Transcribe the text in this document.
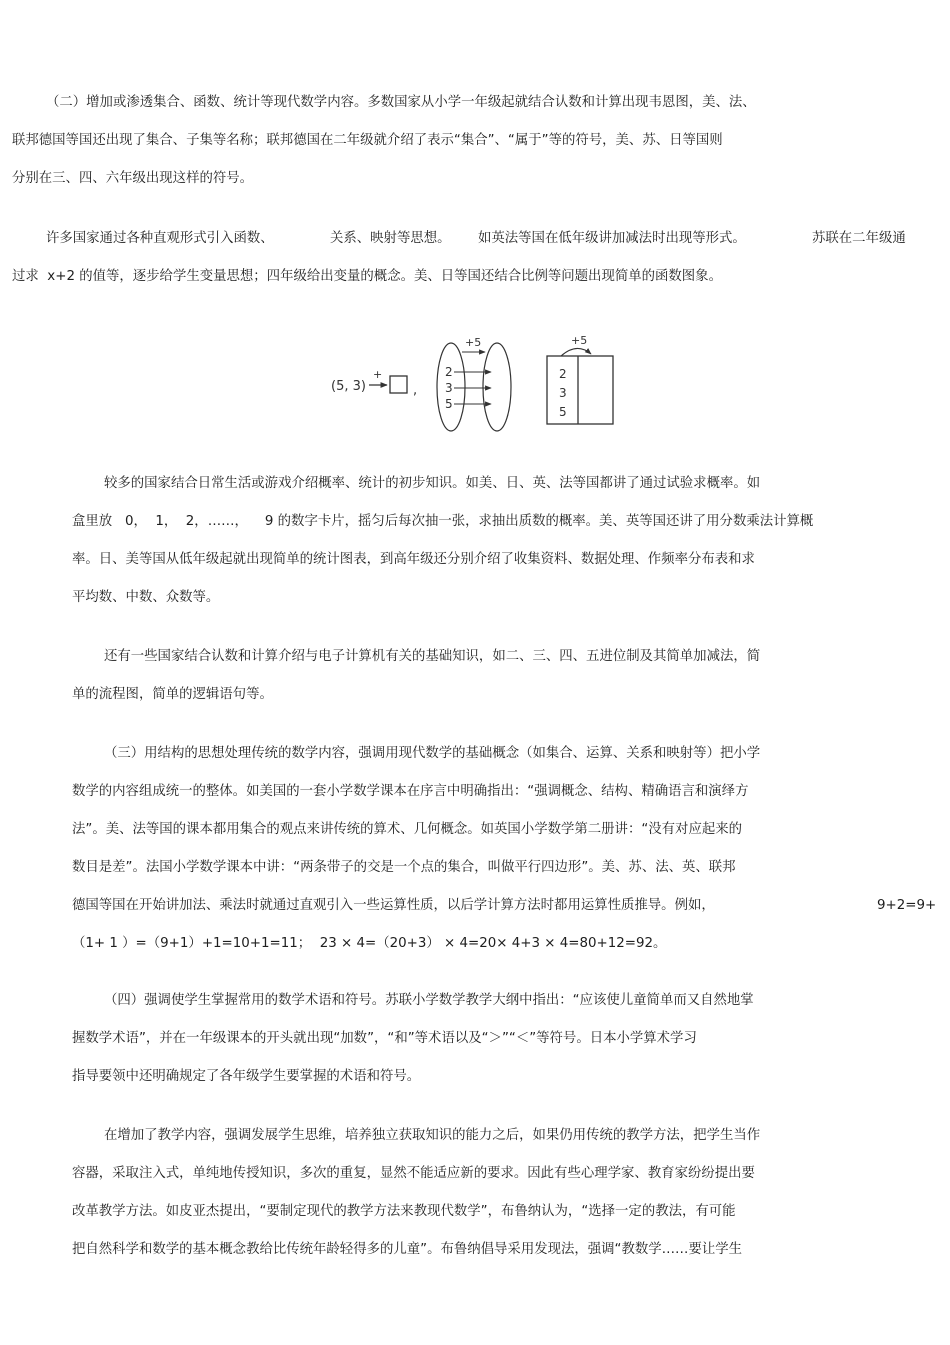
（二）增加或渗透集合、函数、统计等现代数学内容。多数国家从小学一年级起就结合认数和计算出现韦恩图，美、法、
联邦德国等国还出现了集合、子集等名称；联邦德国在二年级就介绍了表示“集合”、“属于”等的符号，美、苏、日等国则
分别在三、四、六年级出现这样的符号。
许多国家通过各种直观形式引入函数、	关系、映射等思想。 如英法等国在低年级讲加减法时出现等形式。	苏联在二年级通
过求  x+2 的值等，逐步给学生变量思想；四年级给出变量的概念。美、日等国还结合比例等问题出现简单的函数图象。
(5, 3)
+
,
+5
2
3
5
+5
2
3
5
较多的国家结合日常生活或游戏介绍概率、统计的初步知识。如美、日、英、法等国都讲了通过试验求概率。如
盒里放   0，  1，  2，……，    9 的数字卡片，摇匀后每次抽一张，求抽出质数的概率。美、英等国还讲了用分数乘法计算概
率。日、美等国从低年级起就出现简单的统计图表，到高年级还分别介绍了收集资料、数据处理、作频率分布表和求
平均数、中数、众数等。
还有一些国家结合认数和计算介绍与电子计算机有关的基础知识，如二、三、四、五进位制及其简单加减法，简
单的流程图，简单的逻辑语句等。
（三）用结构的思想处理传统的数学内容，强调用现代数学的基础概念（如集合、运算、关系和映射等）把小学
数学的内容组成统一的整体。如美国的一套小学数学课本在序言中明确指出：“强调概念、结构、精确语言和演绎方
法”。美、法等国的课本都用集合的观点来讲传统的算术、几何概念。如英国小学数学第二册讲：“没有对应起来的
数目是差”。法国小学数学课本中讲：“两条带子的交是一个点的集合，叫做平行四边形”。美、苏、法、英、联邦
德国等国在开始讲加法、乘法时就通过直观引入一些运算性质，以后学计算方法时都用运算性质推导。例如，	9+2=9+
（1+ 1 ）=（9+1）+1=10+1=11；  23 × 4=（20+3） × 4=20× 4+3 × 4=80+12=92。
（四）强调使学生掌握常用的数学术语和符号。苏联小学数学教学大纲中指出：“应该使儿童简单而又自然地掌
握数学术语”，并在一年级课本的开头就出现“加数”，“和”等术语以及“＞”“＜”等符号。日本小学算术学习
指导要领中还明确规定了各年级学生要掌握的术语和符号。
在增加了教学内容，强调发展学生思维，培养独立获取知识的能力之后，如果仍用传统的教学方法，把学生当作
容器，采取注入式，单纯地传授知识，多次的重复，显然不能适应新的要求。因此有些心理学家、教育家纷纷提出要
改革教学方法。如皮亚杰提出，“要制定现代的教学方法来教现代数学”，布鲁纳认为，“选择一定的教法，有可能
把自然科学和数学的基本概念教给比传统年龄轻得多的儿童”。布鲁纳倡导采用发现法，强调“教数学……要让学生
